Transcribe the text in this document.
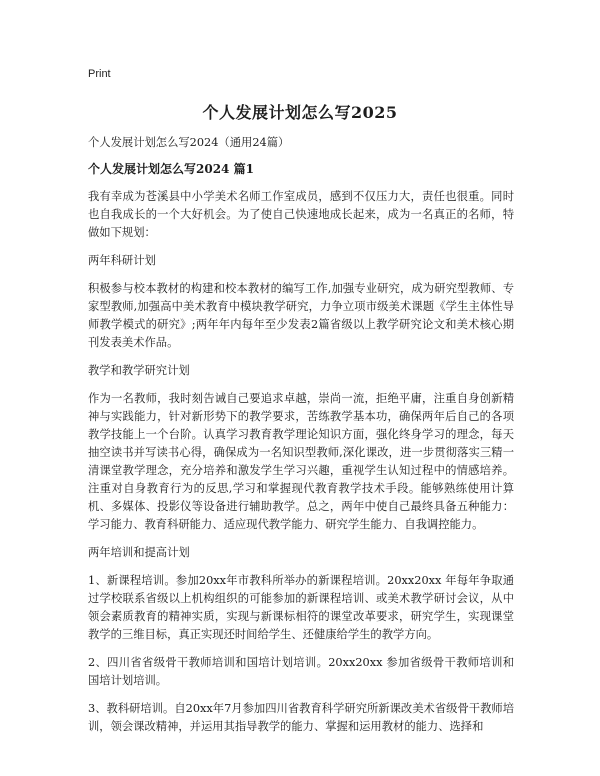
Print
个人发展计划怎么写2025

个人发展计划怎么写2024（通用24篇）

个人发展计划怎么写2024 篇1

我有幸成为苍溪县中小学美术名师工作室成员，感到不仅压力大，责任也很重。同时也自我成长的一个大好机会。为了使自己快速地成长起来，成为一名真正的名师，特做如下规划：

两年科研计划

积极参与校本教材的构建和校本教材的编写工作,加强专业研究，成为研究型教师、专家型教师,加强高中美术教育中模块教学研究，力争立项市级美术课题《学生主体性导师教学模式的研究》;两年年内每年至少发表2篇省级以上教学研究论文和美术核心期刊发表美术作品。

教学和教学研究计划

作为一名教师，我时刻告诫自己要追求卓越，崇尚一流，拒绝平庸，注重自身创新精神与实践能力，针对新形势下的教学要求，苦练教学基本功，确保两年后自己的各项教学技能上一个台阶。认真学习教育教学理论知识方面，强化终身学习的理念，每天抽空读书并写读书心得，确保成为一名知识型教师,深化课改，进一步贯彻落实三精一清课堂教学理念，充分培养和激发学生学习兴趣，重视学生认知过程中的情感培养。注重对自身教育行为的反思,学习和掌握现代教育教学技术手段。能够熟练使用计算机、多媒体、投影仪等设备进行辅助教学。总之，两年中使自己最终具备五种能力：学习能力、教育科研能力、适应现代教学能力、研究学生能力、自我调控能力。

两年培训和提高计划

1、新课程培训。参加20xx年市教科所举办的新课程培训。20xx20xx 年每年争取通过学校联系省级以上机构组织的可能参加的新课程培训、或美术教学研讨会议，从中领会素质教育的精神实质，实现与新课标相符的课堂改革要求，研究学生，实现课堂教学的三维目标，真正实现还时间给学生、还健康给学生的教学方向。

2、四川省省级骨干教师培训和国培计划培训。20xx20xx 参加省级骨干教师培训和国培计划培训。

3、教科研培训。自20xx年7月参加四川省教育科学研究所新课改美术省级骨干教师培训，领会课改精神，并运用其指导教学的能力、掌握和运用教材的能力、选择和
